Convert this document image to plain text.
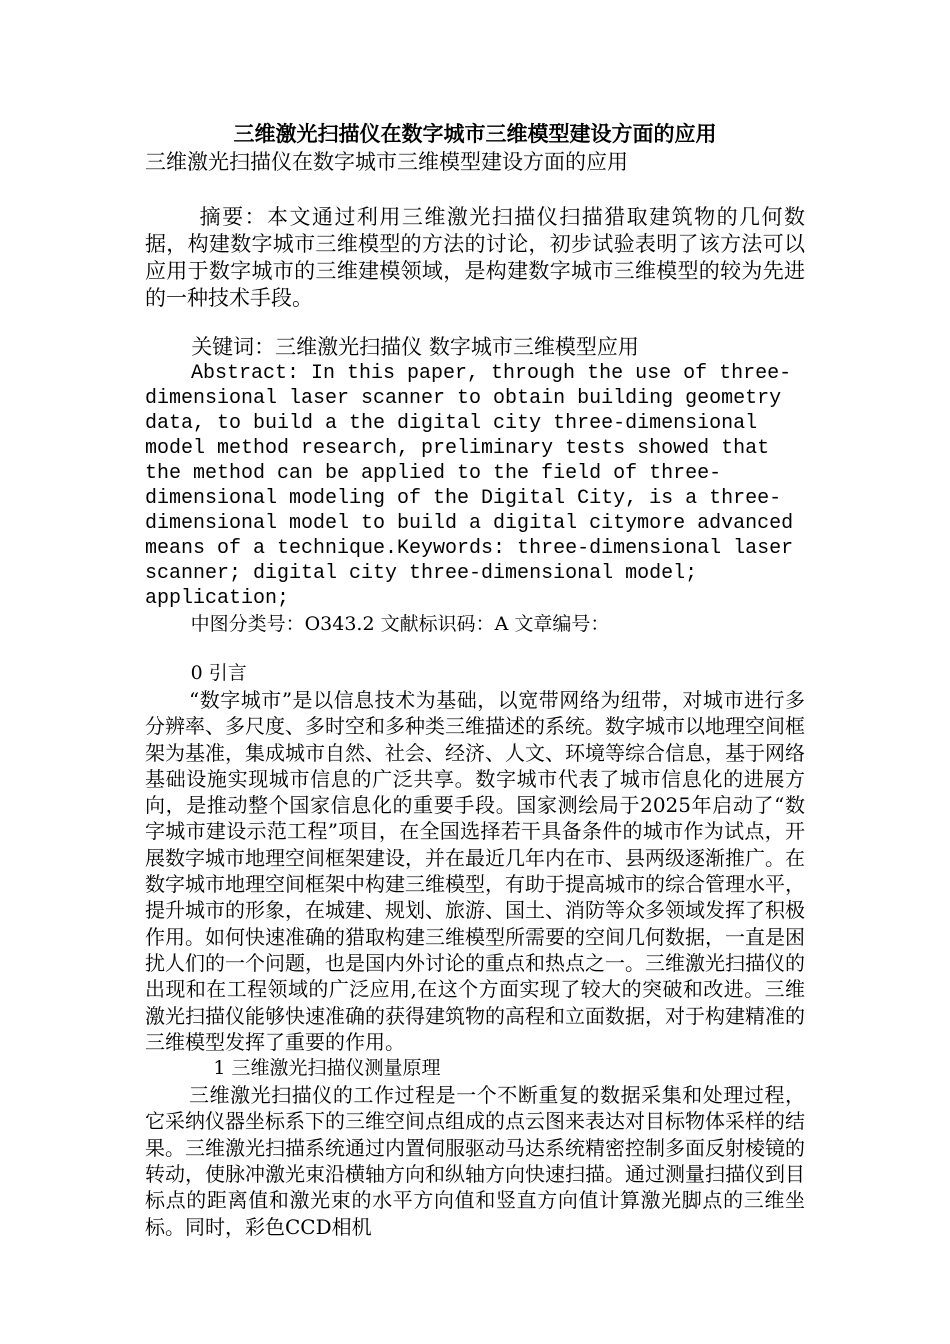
三维激光扫描仪在数字城市三维模型建设方面的应用

三维激光扫描仪在数字城市三维模型建设方面的应用

摘要：本文通过利用三维激光扫描仪扫描猎取建筑物的几何数据，构建数字城市三维模型的方法的讨论，初步试验表明了该方法可以应用于数字城市的三维建模领域，是构建数字城市三维模型的较为先进的一种技术手段。

关键词：三维激光扫描仪 数字城市三维模型应用

Abstract: In this paper, through the use of three-dimensional laser scanner to obtain building geometry data, to build a the digital city three-dimensional model method research, preliminary tests showed that the method can be applied to the field of three-dimensional modeling of the Digital City, is a three-dimensional model to build a digital citymore advanced means of a technique.Keywords: three-dimensional laser scanner; digital city three-dimensional model; application;

中图分类号：O343.2 文献标识码：A 文章编号：

0 引言

“数字城市”是以信息技术为基础，以宽带网络为纽带，对城市进行多分辨率、多尺度、多时空和多种类三维描述的系统。数字城市以地理空间框架为基准，集成城市自然、社会、经济、人文、环境等综合信息，基于网络基础设施实现城市信息的广泛共享。数字城市代表了城市信息化的进展方向，是推动整个国家信息化的重要手段。国家测绘局于2025年启动了“数字城市建设示范工程”项目，在全国选择若干具备条件的城市作为试点，开展数字城市地理空间框架建设，并在最近几年内在市、县两级逐渐推广。在数字城市地理空间框架中构建三维模型，有助于提高城市的综合管理水平，提升城市的形象，在城建、规划、旅游、国土、消防等众多领域发挥了积极作用。如何快速准确的猎取构建三维模型所需要的空间几何数据，一直是困扰人们的一个问题，也是国内外讨论的重点和热点之一。三维激光扫描仪的出现和在工程领域的广泛应用,在这个方面实现了较大的突破和改进。三维激光扫描仪能够快速准确的获得建筑物的高程和立面数据，对于构建精准的三维模型发挥了重要的作用。

1 三维激光扫描仪测量原理

三维激光扫描仪的工作过程是一个不断重复的数据采集和处理过程，它采纳仪器坐标系下的三维空间点组成的点云图来表达对目标物体采样的结果。三维激光扫描系统通过内置伺服驱动马达系统精密控制多面反射棱镜的转动，使脉冲激光束沿横轴方向和纵轴方向快速扫描。通过测量扫描仪到目标点的距离值和激光束的水平方向值和竖直方向值计算激光脚点的三维坐标。同时，彩色CCD相机
